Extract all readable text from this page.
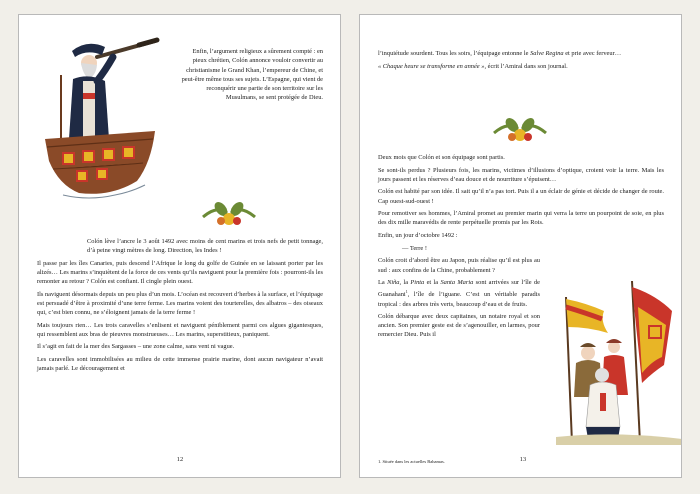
Enfin, l’argument religieux a sûrement compté : en pieux chrétien, Colón annonce vouloir convertir au christianisme le Grand Khan, l’empereur de Chine, et peut-être même tous ses sujets. L’Espagne, qui vient de reconquérir une partie de son territoire sur les Musulmans, se sent protégée de Dieu.

Colón lève l’ancre le 3 août 1492 avec moins de cent marins et trois nefs de petit tonnage, d’à peine vingt mètres de long. Direction, les Indes !

Il passe par les îles Canaries, puis descend l’Afrique le long du golfe de Guinée en se laissant porter par les alizés… Les marins s’inquiètent de la force de ces vents qu’ils naviguent pour la première fois : pourront-ils les remonter au retour ? Colón est confiant. Il cingle plein ouest.

Ils naviguent désormais depuis un peu plus d’un mois. L’océan est recouvert d’herbes à la surface, et l’équipage est persuadé d’être à proximité d’une terre ferme. Les marins voient des tourterelles, des albatros – des oiseaux qui, c’est bien connu, ne s’éloignent jamais de la terre ferme !

Mais toujours rien… Les trois caravelles s’enlisent et naviguent péniblement parmi ces algues gigantesques, qui ressemblent aux bras de pieuvres monstrueuses… Les marins, superstitieux, paniquent.

Il s’agit en fait de la mer des Sargasses – une zone calme, sans vent ni vague.

Les caravelles sont immobilisées au milieu de cette immense prairie marine, dont aucun navigateur n’avait jamais parlé. Le découragement et

12

l’inquiétude sourdent. Tous les soirs, l’équipage entonne le Salve Regina et prie avec ferveur…

« Chaque heure se transforme en année », écrit l’Amiral dans son journal.

Deux mois que Colón et son équipage sont partis.

Se sont-ils perdus ? Plusieurs fois, les marins, victimes d’illusions d’optique, croient voir la terre. Mais les jours passent et les réserves d’eau douce et de nourriture s’épuisent…

Colón est habité par son idée. Il sait qu’il n’a pas tort. Puis il a un éclair de génie et décide de changer de route. Cap ouest-sud-ouest !

Pour remotiver ses hommes, l’Amiral promet au premier marin qui verra la terre un pourpoint de soie, en plus des dix mille maravédis de rente perpétuelle promis par les Rois.

Enfin, un jour d’octobre 1492 :

— Terre !

Colón croit d’abord être au Japon, puis réalise qu’il est plus au sud : aux confins de la Chine, probablement ?

La Niña, la Pinta et la Santa Maria sont arrivées sur l’île de Guanahani$^1$, l’île de l’iguane. C’est un véritable paradis tropical : des arbres très verts, beaucoup d’eau et de fruits.

Colón débarque avec deux capitaines, un notaire royal et son ancien. Son premier geste est de s’agenouiller, en larmes, pour remercier Dieu. Puis il

1. Située dans les actuelles Bahamas.	13
